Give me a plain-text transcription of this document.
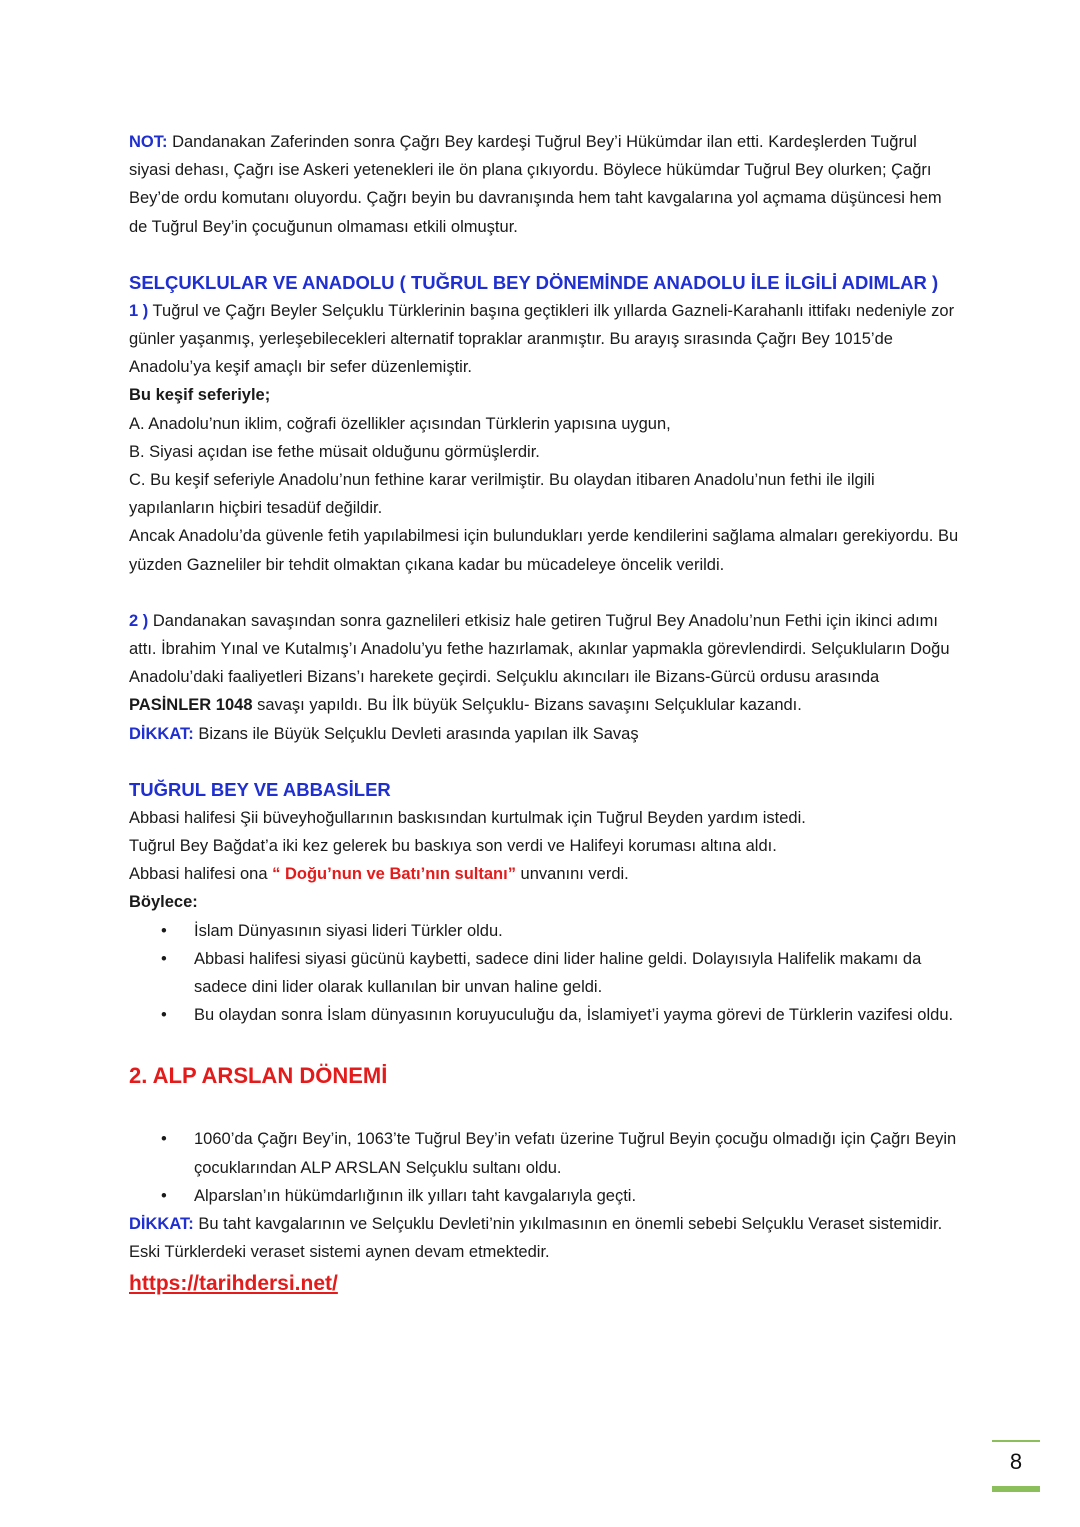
NOT: Dandanakan Zaferinden sonra Çağrı Bey kardeşi Tuğrul Bey’i Hükümdar ilan etti. Kardeşlerden Tuğrul siyasi dehası, Çağrı ise Askeri yetenekleri ile ön plana çıkıyordu. Böylece hükümdar Tuğrul Bey olurken; Çağrı Bey’de ordu komutanı oluyordu. Çağrı beyin bu davranışında hem taht kavgalarına yol açmama düşüncesi hem de Tuğrul Bey’in çocuğunun olmaması etkili olmuştur.

SELÇUKLULAR VE ANADOLU ( TUĞRUL BEY DÖNEMİNDE ANADOLU İLE İLGİLİ ADIMLAR )

1 ) Tuğrul ve Çağrı Beyler Selçuklu Türklerinin başına geçtikleri ilk yıllarda Gazneli-Karahanlı ittifakı nedeniyle zor günler yaşanmış, yerleşebilecekleri alternatif topraklar aranmıştır. Bu arayış sırasında Çağrı Bey 1015’de Anadolu’ya keşif amaçlı bir sefer düzenlemiştir.

Bu keşif seferiyle;

A. Anadolu’nun iklim, coğrafi özellikler açısından Türklerin yapısına uygun,

B. Siyasi açıdan ise fethe müsait olduğunu görmüşlerdir.

C. Bu keşif seferiyle Anadolu’nun fethine karar verilmiştir. Bu olaydan itibaren Anadolu’nun fethi ile ilgili yapılanların hiçbiri tesadüf değildir.

Ancak Anadolu’da güvenle fetih yapılabilmesi için bulundukları yerde kendilerini sağlama almaları gerekiyordu. Bu yüzden Gazneliler bir tehdit olmaktan çıkana kadar bu mücadeleye öncelik verildi.

2 ) Dandanakan savaşından sonra gaznelileri etkisiz hale getiren Tuğrul Bey Anadolu’nun Fethi için ikinci adımı attı. İbrahim Yınal ve Kutalmış’ı Anadolu’yu fethe hazırlamak, akınlar yapmakla görevlendirdi. Selçukluların Doğu Anadolu’daki faaliyetleri Bizans’ı harekete geçirdi. Selçuklu akıncıları ile Bizans-Gürcü ordusu arasında PASİNLER 1048 savaşı yapıldı. Bu İlk büyük Selçuklu- Bizans savaşını Selçuklular kazandı.

DİKKAT: Bizans ile Büyük Selçuklu Devleti arasında yapılan ilk Savaş

TUĞRUL BEY VE ABBASİLER

Abbasi halifesi Şii büveyhoğullarının baskısından kurtulmak için Tuğrul Beyden yardım istedi.

Tuğrul Bey Bağdat’a iki kez gelerek bu baskıya son verdi ve Halifeyi koruması altına aldı.

Abbasi halifesi ona “ Doğu’nun ve Batı’nın sultanı” unvanını verdi.

Böylece:

• İslam Dünyasının siyasi lideri Türkler oldu.
• Abbasi halifesi siyasi gücünü kaybetti, sadece dini lider haline geldi. Dolayısıyla Halifelik makamı da sadece dini lider olarak kullanılan bir unvan haline geldi.
• Bu olaydan sonra İslam dünyasının koruyuculuğu da, İslamiyet’i yayma görevi de Türklerin vazifesi oldu.
2. ALP ARSLAN DÖNEMİ
• 1060’da Çağrı Bey’in, 1063’te Tuğrul Bey’in vefatı üzerine Tuğrul Beyin çocuğu olmadığı için Çağrı Beyin çocuklarından ALP ARSLAN Selçuklu sultanı oldu.
• Alparslan’ın hükümdarlığının ilk yılları taht kavgalarıyla geçti.

DİKKAT: Bu taht kavgalarının ve Selçuklu Devleti’nin yıkılmasının en önemli sebebi Selçuklu Veraset sistemidir. Eski Türklerdeki veraset sistemi aynen devam etmektedir.

https://tarihdersi.net/
8
